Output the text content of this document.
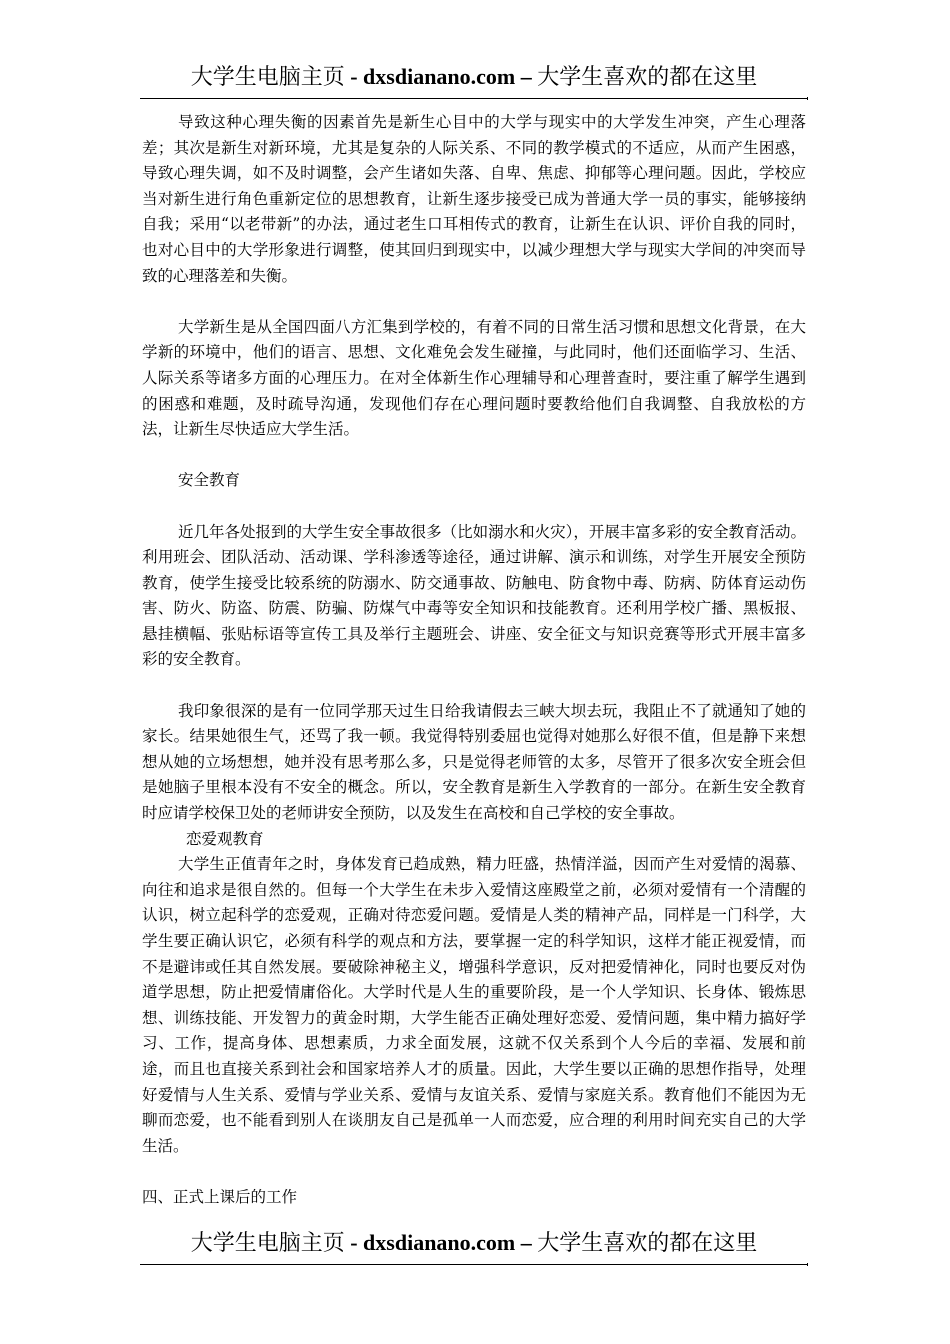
大学生电脑主页 - dxsdianano.com – 大学生喜欢的都在这里

导致这种心理失衡的因素首先是新生心目中的大学与现实中的大学发生冲突，产生心理落差；其次是新生对新环境，尤其是复杂的人际关系、不同的教学模式的不适应，从而产生困惑，导致心理失调，如不及时调整，会产生诸如失落、自卑、焦虑、抑郁等心理问题。因此，学校应当对新生进行角色重新定位的思想教育，让新生逐步接受已成为普通大学一员的事实，能够接纳自我；采用“以老带新”的办法，通过老生口耳相传式的教育，让新生在认识、评价自我的同时，也对心目中的大学形象进行调整，使其回归到现实中，以减少理想大学与现实大学间的冲突而导致的心理落差和失衡。

大学新生是从全国四面八方汇集到学校的，有着不同的日常生活习惯和思想文化背景，在大学新的环境中，他们的语言、思想、文化难免会发生碰撞，与此同时，他们还面临学习、生活、人际关系等诸多方面的心理压力。在对全体新生作心理辅导和心理普查时，要注重了解学生遇到的困惑和难题，及时疏导沟通，发现他们存在心理问题时要教给他们自我调整、自我放松的方法，让新生尽快适应大学生活。

安全教育

近几年各处报到的大学生安全事故很多（比如溺水和火灾），开展丰富多彩的安全教育活动。利用班会、团队活动、活动课、学科渗透等途径，通过讲解、演示和训练，对学生开展安全预防教育，使学生接受比较系统的防溺水、防交通事故、防触电、防食物中毒、防病、防体育运动伤害、防火、防盗、防震、防骗、防煤气中毒等安全知识和技能教育。还利用学校广播、黑板报、悬挂横幅、张贴标语等宣传工具及举行主题班会、讲座、安全征文与知识竞赛等形式开展丰富多彩的安全教育。

我印象很深的是有一位同学那天过生日给我请假去三峡大坝去玩，我阻止不了就通知了她的家长。结果她很生气，还骂了我一顿。我觉得特别委屈也觉得对她那么好很不值，但是静下来想想从她的立场想想，她并没有思考那么多，只是觉得老师管的太多，尽管开了很多次安全班会但是她脑子里根本没有不安全的概念。所以，安全教育是新生入学教育的一部分。在新生安全教育时应请学校保卫处的老师讲安全预防，以及发生在高校和自己学校的安全事故。

恋爱观教育

大学生正值青年之时，身体发育已趋成熟，精力旺盛，热情洋溢，因而产生对爱情的渴慕、向往和追求是很自然的。但每一个大学生在未步入爱情这座殿堂之前，必须对爱情有一个清醒的认识，树立起科学的恋爱观，正确对待恋爱问题。爱情是人类的精神产品，同样是一门科学，大学生要正确认识它，必须有科学的观点和方法，要掌握一定的科学知识，这样才能正视爱情，而不是避讳或任其自然发展。要破除神秘主义，增强科学意识，反对把爱情神化，同时也要反对伪道学思想，防止把爱情庸俗化。大学时代是人生的重要阶段，是一个人学知识、长身体、锻炼思想、训练技能、开发智力的黄金时期，大学生能否正确处理好恋爱、爱情问题，集中精力搞好学习、工作，提高身体、思想素质，力求全面发展，这就不仅关系到个人今后的幸福、发展和前途，而且也直接关系到社会和国家培养人才的质量。因此，大学生要以正确的思想作指导，处理好爱情与人生关系、爱情与学业关系、爱情与友谊关系、爱情与家庭关系。教育他们不能因为无聊而恋爱，也不能看到别人在谈朋友自己是孤单一人而恋爱，应合理的利用时间充实自己的大学生活。

四、正式上课后的工作

大学生电脑主页 - dxsdianano.com – 大学生喜欢的都在这里
